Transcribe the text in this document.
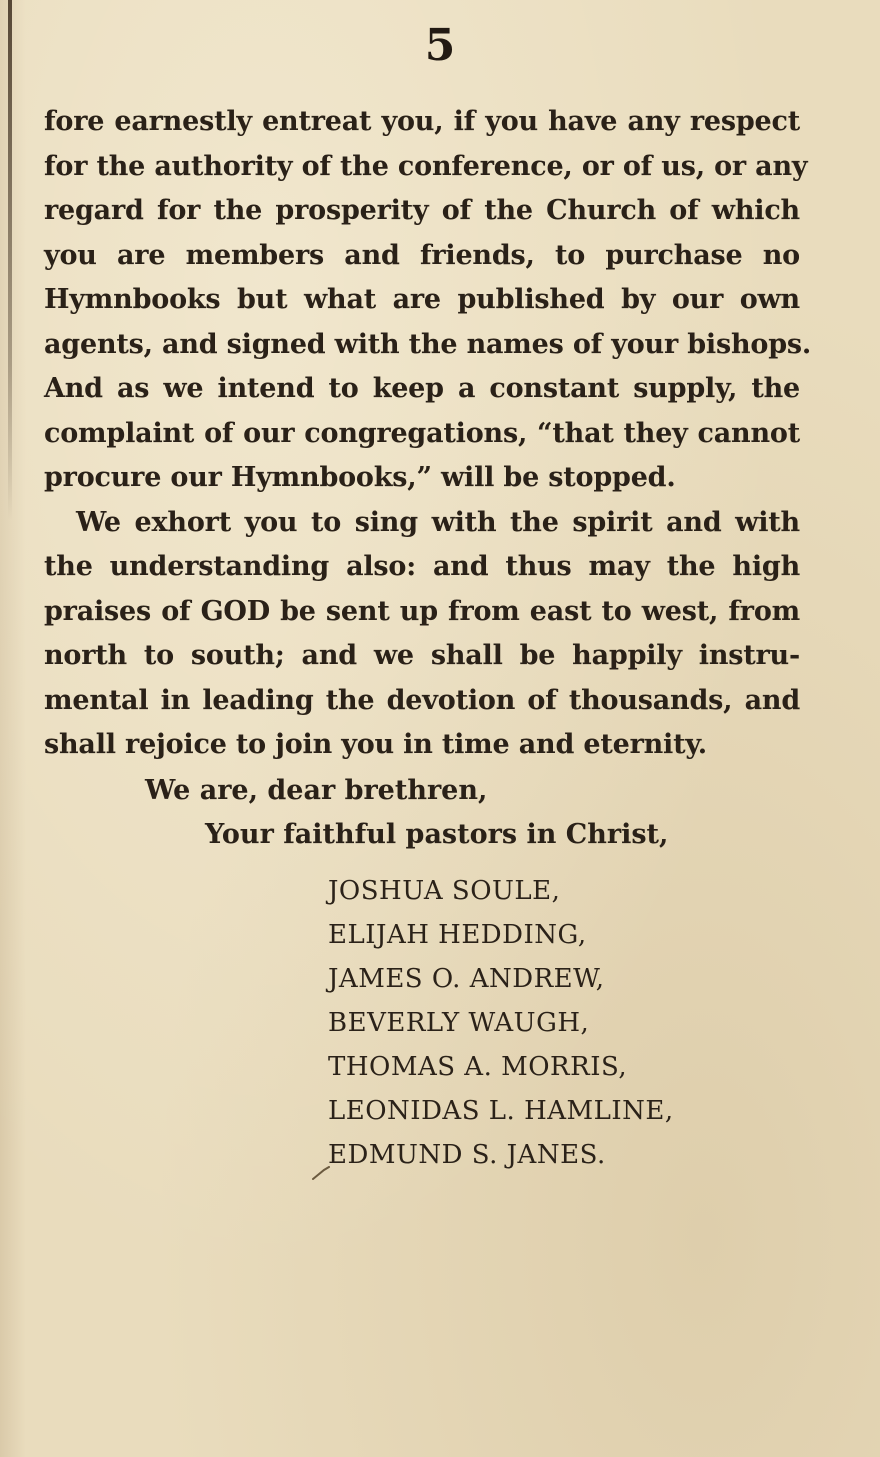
5
fore earnestly entreat you, if you have any respect
for the authority of the conference, or of us, or any
regard for the prosperity of the Church of which
you are members and friends, to purchase no
Hymnbooks but what are published by our own
agents, and signed with the names of your bishops.
And as we intend to keep a constant supply, the
complaint of our congregations, “that they cannot
procure our Hymnbooks,” will be stopped.
We exhort you to sing with the spirit and with
the understanding also: and thus may the high
praises of GOD be sent up from east to west, from
north to south; and we shall be happily instru-
mental in leading the devotion of thousands, and
shall rejoice to join you in time and eternity.
We are, dear brethren,
Your faithful pastors in Christ,
JOSHUA SOULE,
ELIJAH HEDDING,
JAMES O. ANDREW,
BEVERLY WAUGH,
THOMAS A. MORRIS,
LEONIDAS L. HAMLINE,
EDMUND S. JANES.
